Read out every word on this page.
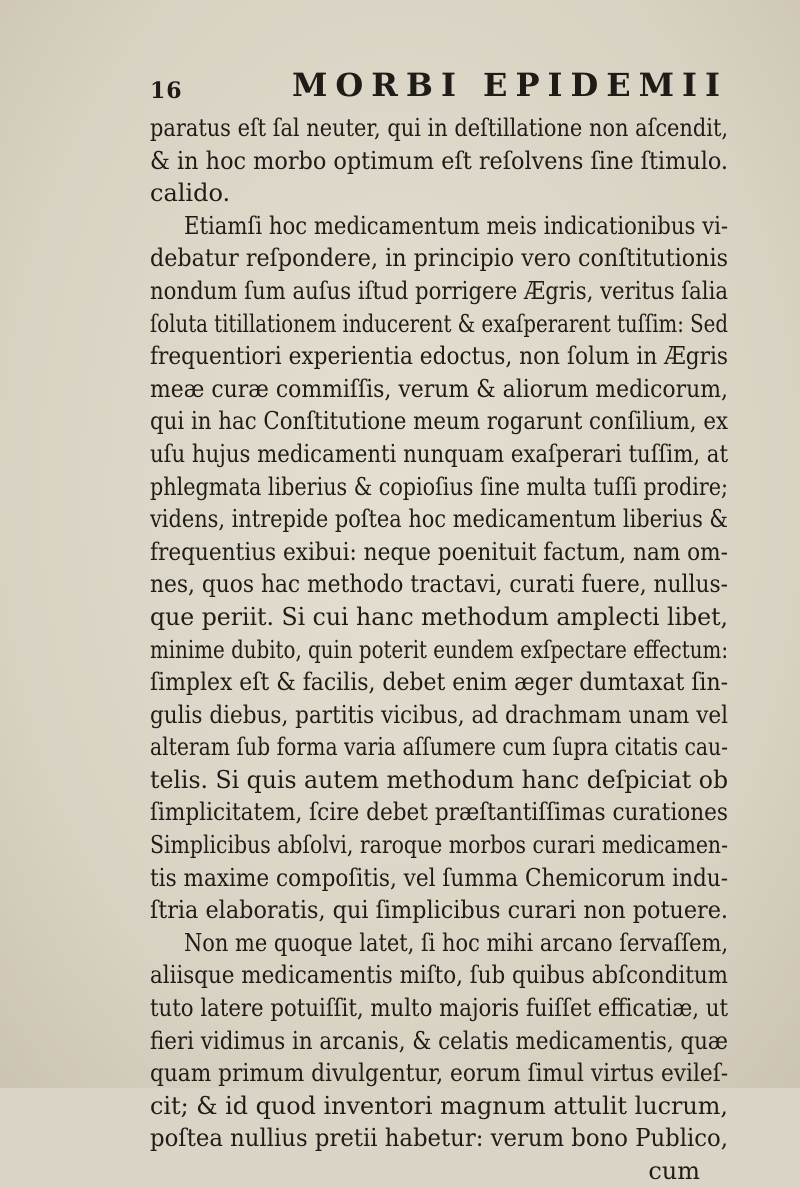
16	MORBI EPIDEMII
paratus eſt ſal neuter, qui in deſtillatione non aſcendit,
& in hoc morbo optimum eſt reſolvens ſine ſtimulo.
calido.
Etiamſi hoc medicamentum meis indicationibus vi-
debatur reſpondere, in principio vero conſtitutionis
nondum ſum auſus iſtud porrigere Ægris, veritus ſalia
ſoluta titillationem inducerent & exaſperarent tuſſim: Sed
frequentiori experientia edoctus, non ſolum in Ægris
meæ curæ commiſſis, verum & aliorum medicorum,
qui in hac Conſtitutione meum rogarunt conſilium, ex
uſu hujus medicamenti nunquam exaſperari tuſſim, at
phlegmata liberius & copioſius ſine multa tuſſi prodire;
videns, intrepide poſtea hoc medicamentum liberius &
frequentius exibui: neque poenituit factum, nam om-
nes, quos hac methodo tractavi, curati fuere, nullus-
que periit. Si cui hanc methodum amplecti libet,
minime dubito, quin poterit eundem exſpectare effectum:
ſimplex eſt & facilis, debet enim æger dumtaxat ſin-
gulis diebus, partitis vicibus, ad drachmam unam vel
alteram ſub forma varia aſſumere cum ſupra citatis cau-
telis. Si quis autem methodum hanc deſpiciat ob
ſimplicitatem, ſcire debet præſtantiſſimas curationes
Simplicibus abſolvi, raroque morbos curari medicamen-
tis maxime compoſitis, vel ſumma Chemicorum indu-
ſtria elaboratis, qui ſimplicibus curari non potuere.
Non me quoque latet, ſi hoc mihi arcano ſervaſſem,
aliisque medicamentis miſto, ſub quibus abſconditum
tuto latere potuiſſit, multo majoris fuiſſet efficatiæ, ut
fieri vidimus in arcanis, & celatis medicamentis, quæ
quam primum divulgentur, eorum ſimul virtus evileſ-
cit; & id quod inventori magnum attulit lucrum,
poſtea nullius pretii habetur: verum bono Publico,
cum
